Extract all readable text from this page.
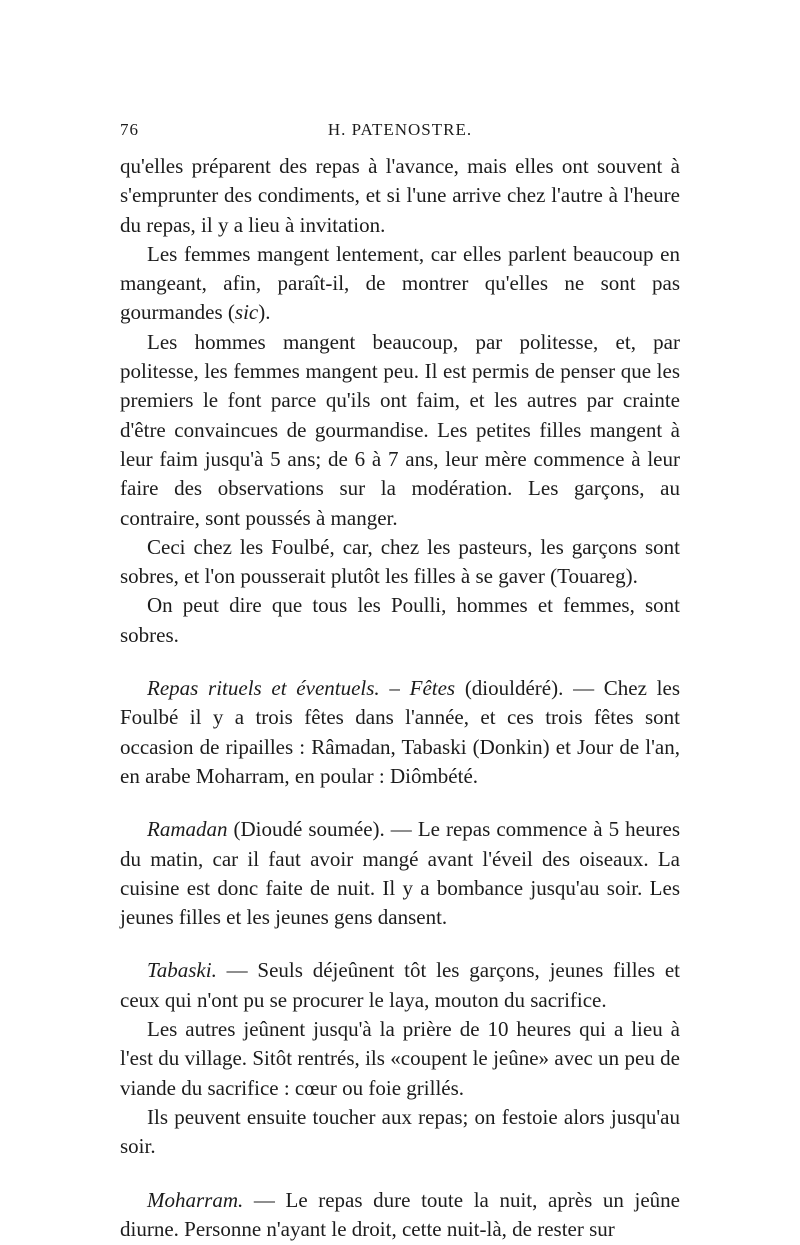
76	H. PATENOSTRE.

qu'elles préparent des repas à l'avance, mais elles ont souvent à s'emprunter des condiments, et si l'une arrive chez l'autre à l'heure du repas, il y a lieu à invitation.

Les femmes mangent lentement, car elles parlent beaucoup en mangeant, afin, paraît-il, de montrer qu'elles ne sont pas gourmandes (sic).

Les hommes mangent beaucoup, par politesse, et, par politesse, les femmes mangent peu. Il est permis de penser que les premiers le font parce qu'ils ont faim, et les autres par crainte d'être convaincues de gourmandise. Les petites filles mangent à leur faim jusqu'à 5 ans; de 6 à 7 ans, leur mère commence à leur faire des observations sur la modération. Les garçons, au contraire, sont poussés à manger.

Ceci chez les Foulbé, car, chez les pasteurs, les garçons sont sobres, et l'on pousserait plutôt les filles à se gaver (Touareg).

On peut dire que tous les Poulli, hommes et femmes, sont sobres.

Repas rituels et éventuels. – Fêtes (diouldéré). — Chez les Foulbé il y a trois fêtes dans l'année, et ces trois fêtes sont occasion de ripailles : Râmadan, Tabaski (Donkin) et Jour de l'an, en arabe Moharram, en poular : Diômbété.

Ramadan (Dioudé soumée). — Le repas commence à 5 heures du matin, car il faut avoir mangé avant l'éveil des oiseaux. La cuisine est donc faite de nuit. Il y a bombance jusqu'au soir. Les jeunes filles et les jeunes gens dansent.

Tabaski. — Seuls déjeûnent tôt les garçons, jeunes filles et ceux qui n'ont pu se procurer le laya, mouton du sacrifice.

Les autres jeûnent jusqu'à la prière de 10 heures qui a lieu à l'est du village. Sitôt rentrés, ils «coupent le jeûne» avec un peu de viande du sacrifice : cœur ou foie grillés.

Ils peuvent ensuite toucher aux repas; on festoie alors jusqu'au soir.

Moharram. — Le repas dure toute la nuit, après un jeûne diurne. Personne n'ayant le droit, cette nuit-là, de rester sur
